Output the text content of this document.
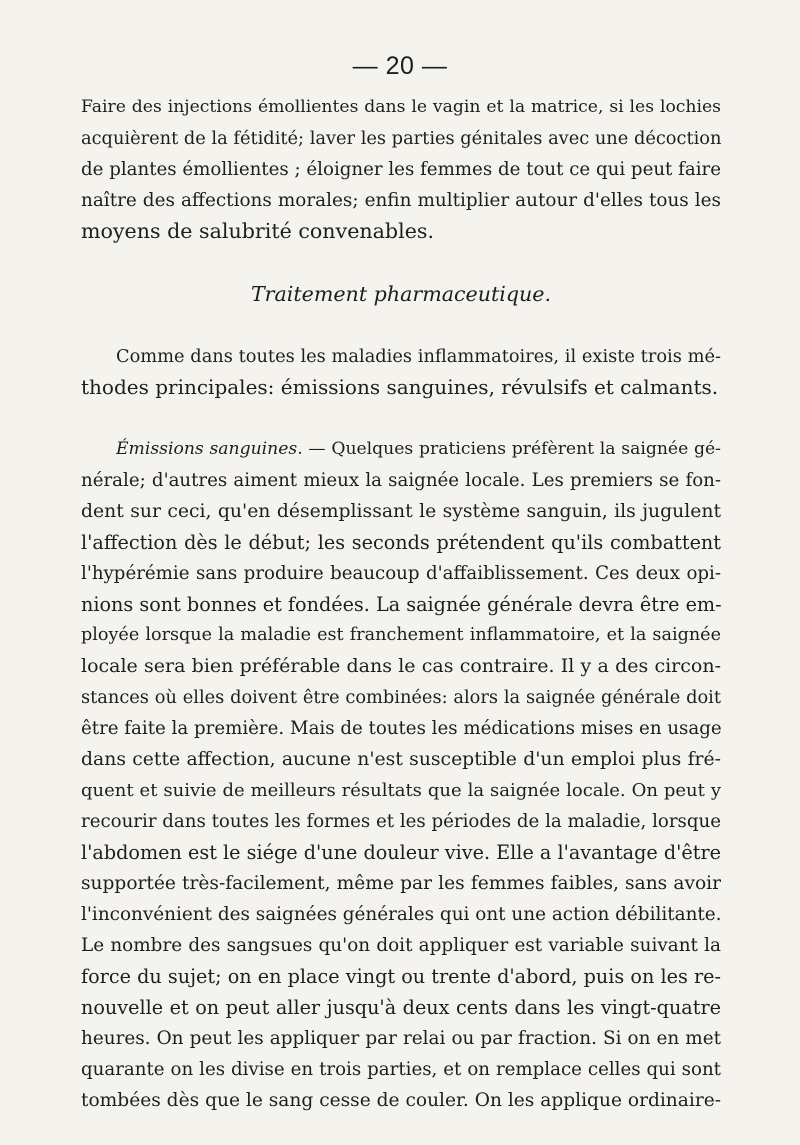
— 20 —
Faire des injections émollientes dans le vagin et la matrice, si les lochies
acquièrent de la fétidité; laver les parties génitales avec une décoction
de plantes émollientes ; éloigner les femmes de tout ce qui peut faire
naître des affections morales; enfin multiplier autour d'elles tous les
moyens de salubrité convenables.
Traitement pharmaceutique.
Comme dans toutes les maladies inflammatoires, il existe trois mé-
thodes principales: émissions sanguines, révulsifs et calmants.
Émissions sanguines. — Quelques praticiens préfèrent la saignée gé-
nérale; d'autres aiment mieux la saignée locale. Les premiers se fon-
dent sur ceci, qu'en désemplissant le système sanguin, ils jugulent
l'affection dès le début; les seconds prétendent qu'ils combattent
l'hypérémie sans produire beaucoup d'affaiblissement. Ces deux opi-
nions sont bonnes et fondées. La saignée générale devra être em-
ployée lorsque la maladie est franchement inflammatoire, et la saignée
locale sera bien préférable dans le cas contraire. Il y a des circon-
stances où elles doivent être combinées: alors la saignée générale doit
être faite la première. Mais de toutes les médications mises en usage
dans cette affection, aucune n'est susceptible d'un emploi plus fré-
quent et suivie de meilleurs résultats que la saignée locale. On peut y
recourir dans toutes les formes et les périodes de la maladie, lorsque
l'abdomen est le siége d'une douleur vive. Elle a l'avantage d'être
supportée très-facilement, même par les femmes faibles, sans avoir
l'inconvénient des saignées générales qui ont une action débilitante.
Le nombre des sangsues qu'on doit appliquer est variable suivant la
force du sujet; on en place vingt ou trente d'abord, puis on les re-
nouvelle et on peut aller jusqu'à deux cents dans les vingt-quatre
heures. On peut les appliquer par relai ou par fraction. Si on en met
quarante on les divise en trois parties, et on remplace celles qui sont
tombées dès que le sang cesse de couler. On les applique ordinaire-
